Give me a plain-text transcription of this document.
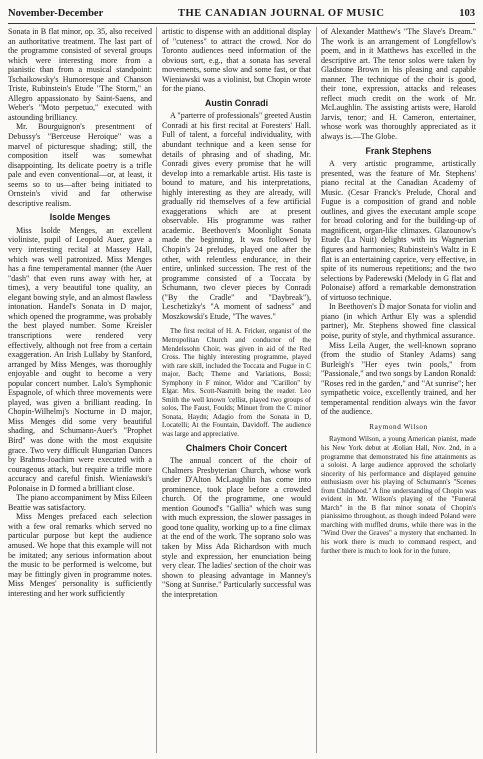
November-December	THE CANADIAN JOURNAL OF MUSIC	103

Sonata in B flat minor, op. 35, also received an authoritative treatment. The last part of the programme consisted of several groups which were interesting more from a pianistic than from a musical standpoint: Tschaikowsky's Humoresque and Chanson Triste, Rubinstein's Etude "The Storm," an Allegro appassionato by Saint-Saens, and Weber's "Moto perpetuo," executed with astounding brilliancy.

Mr. Bourguignon's presentment of Debussy's "Berceuse Heroique" was a marvel of picturesque shading; still, the composition itself was somewhat disappointing. Its delicate poetry is a trifle pale and even conventional—or, at least, it seems so to us—after being initiated to Ornstein's vivid and far otherwise descriptive realism.

Isolde Menges

Miss Isolde Menges, an excellent violiniste, pupil of Leopold Auer, gave a very interesting recital at Massey Hall, which was well patronized. Miss Menges has a fine temperamental manner (the Auer "dash" that even runs away with her, at times), a very beautiful tone quality, an elegant bowing style, and an almost flawless intonation. Handel's Sonata in D major, which opened the programme, was probably the best played number. Some Kreisler transcriptions were rendered very effectively, although not free from a certain exaggeration. An Irish Lullaby by Stanford, arranged by Miss Menges, was thoroughly enjoyable and ought to become a very popular concert number. Lalo's Symphonic Espagnole, of which three movements were played, was given a brilliant reading. In Chopin-Wilhelmj's Nocturne in D major, Miss Menges did some very beautiful shading, and Schumann-Auer's "Prophet Bird" was done with the most exquisite grace. Two very difficult Hungarian Dances by Brahms-Joachim were executed with a courageous attack, but require a trifle more accuracy and careful finish. Wieniawski's Polonaise in D formed a brilliant close.

The piano accompaniment by Miss Eileen Beattie was satisfactory.

Miss Menges prefaced each selection with a few oral remarks which served no particular purpose but kept the audience amused. We hope that this example will not be imitated; any serious information about the music to be performed is welcome, but may be fittingly given in programme notes. Miss Menges' personality is sufficiently interesting and her work sufficiently

artistic to dispense with an additional display of "cuteness" to attract the crowd. Nor do Toronto audiences need information of the obvious sort, e.g., that a sonata has several movements, some slow and some fast, or that Wieniawski was a violinist, but Chopin wrote for the piano.

Austin Conradi

A "parterre of professionals" greeted Austin Conradi at his first recital at Foresters' Hall. Full of talent, a forceful individuality, with abundant technique and a keen sense for details of phrasing and of shading, Mr. Conradi gives every promise that he will develop into a remarkable artist. His taste is bound to mature, and his interpretations, highly interesting as they are already, will gradually rid themselves of a few artificial exaggerations which are at present observable. His programme was rather academic. Beethoven's Moonlight Sonata made the beginning. It was followed by Chopin's 24 preludes, played one after the other, with relentless endurance, in their entire, unlinked succession. The rest of the programme consisted of a Toccata by Schumann, two clever pieces by Conradi ("By the Cradle" and "Daybreak"), Leschetizky's "A moment of sadness" and Moszkowski's Etude, "The waves."

The first recital of H. A. Fricker, organist of the Metropolitan Church and conductor of the Mendelssohn Choir, was given in aid of the Red Cross. The highly interesting programme, played with rare skill, included the Toccata and Fugue in C major, Bach; Theme and Variations, Bossi; Symphony in F minor, Widor and "Carillon" by Elgar. Mrs. Scott-Nasmith being the reader. Leo Smith the well known 'cellist, played two groups of solos, The Faust, Foulds; Minuet from the C minor Sonata, Haydn; Adagio from the Sonata in D, Locatelli; At the Fountain, Davidoff. The audience was large and appreciative.

Chalmers Choir Concert

The annual concert of the choir of Chalmers Presbyterian Church, whose work under D'Alton McLaughlin has come into prominence, took place before a crowded church. Of the programme, one would mention Gounod's "Gallia" which was sung with much expression, the slower passages in good tone quality, working up to a fine climax at the end of the work. The soprano solo was taken by Miss Ada Richardson with much style and expression, her enunciation being very clear. The ladies' section of the choir was shown to pleasing advantage in Manney's "Song at Sunrise." Particularly successful was the interpretation

of Alexander Matthew's "The Slave's Dream." The work is an arrangement of Longfellow's poem, and in it Matthews has excelled in the descriptive art. The tenor solos were taken by Gladstone Brown in his pleasing and capable manner. The technique of the choir is good, their tone, expression, attacks and releases reflect much credit on the work of Mr. McLaughlin. The assisting artists were, Harold Jarvis, tenor; and H. Cameron, entertainer, whose work was thoroughly appreciated as it always is.—The Globe.

Frank Stephens

A very artistic programme, artistically presented, was the feature of Mr. Stephens' piano recital at the Canadian Academy of Music. (Cesar Franck's Prelude, Choral and Fugue is a composition of grand and noble outlines, and gives the executant ample scope for broad coloring and for the building-up of magnificent, organ-like climaxes. Glazounow's Etude (La Nuit) delights with its Wagnerian figures and harmonies; Rubinstein's Waltz in E flat is an entertaining caprice, very effective, in spite of its numerous repetitions; and the two selections by Paderewski (Melody in G flat and Polonaise) afford a remarkable demonstration of virtuoso technique.

In Beethoven's D major Sonata for violin and piano (in which Arthur Ely was a splendid partner), Mr. Stephens showed fine classical poise, purity of style, and rhythmical assurance.

Miss Leila Auger, the well-known soprano (from the studio of Stanley Adams) sang Burleigh's "Her eyes twin pools," from "Passionale," and two songs by Landon Ronald: "Roses red in the garden," and "At sunrise"; her sympathetic voice, excellently trained, and her temperamental rendition always win the favor of the audience.

Raymond Wilson

Raymond Wilson, a young American pianist, made his New York debut at Æolian Hall, Nov. 2nd, in a programme that demonstrated his fine attainments as a soloist. A large audience approved the scholarly sincerity of his performance and displayed genuine enthusiasm over his playing of Schumann's "Scenes from Childhood." A fine understanding of Chopin was evident in Mr. Wilson's playing of the "Funeral March" in the B flat minor sonata of Chopin's pianissimo throughout, as though indeed Poland were marching with muffled drums, while there was in the "Wind Over the Graves" a mystery that enchanted. In his work there is much to command respect, and further there is much to look for in the future.
